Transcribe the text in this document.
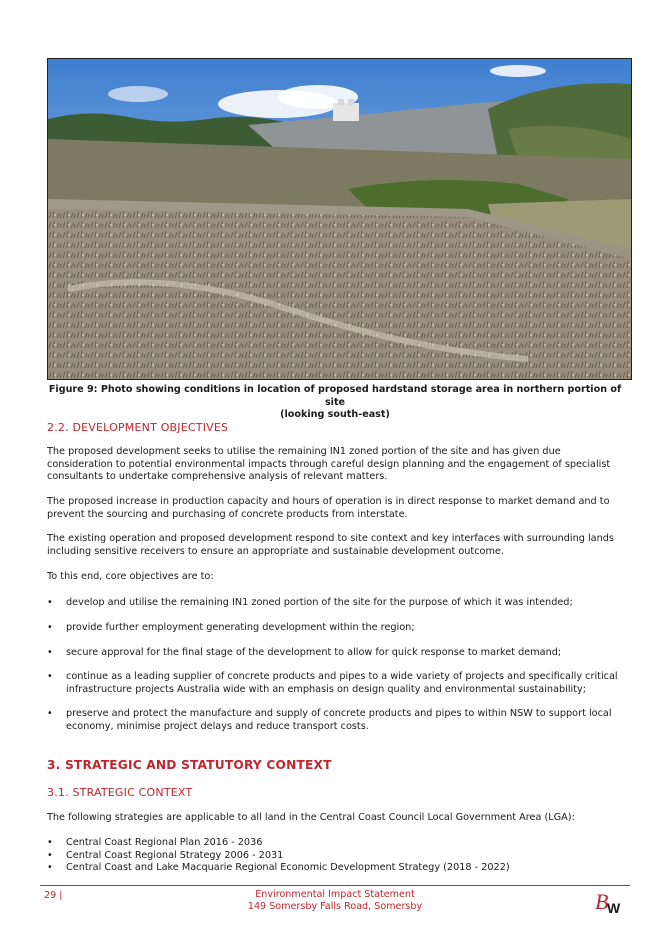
Figure 9: Photo showing conditions in location of proposed hardstand storage area in northern portion of site
(looking south-east)
2.2. DEVELOPMENT OBJECTIVES

The proposed development seeks to utilise the remaining IN1 zoned portion of the site and has given due consideration to potential environmental impacts through careful design planning and the engagement of specialist consultants to undertake comprehensive analysis of relevant matters.

The proposed increase in production capacity and hours of operation is in direct response to market demand and to prevent the sourcing and purchasing of concrete products from interstate.

The existing operation and proposed development respond to site context and key interfaces with surrounding lands including sensitive receivers to ensure an appropriate and sustainable development outcome.

To this end, core objectives are to:

• develop and utilise the remaining IN1 zoned portion of the site for the purpose of which it was intended;
• provide further employment generating development within the region;
• secure approval for the final stage of the development to allow for quick response to market demand;
• continue as a leading supplier of concrete products and pipes to a wide variety of projects and specifically critical infrastructure projects Australia wide with an emphasis on design quality and environmental sustainability;
• preserve and protect the manufacture and supply of concrete products and pipes to within NSW to support local economy, minimise project delays and reduce transport costs.
3. STRATEGIC AND STATUTORY CONTEXT
3.1. STRATEGIC CONTEXT

The following strategies are applicable to all land in the Central Coast Council Local Government Area (LGA):

• Central Coast Regional Plan 2016 - 2036
• Central Coast Regional Strategy 2006 - 2031
• Central Coast and Lake Macquarie Regional Economic Development Strategy (2018 - 2022)
29 |	Environmental Impact Statement
149 Somersby Falls Road, Somersby	B
W
